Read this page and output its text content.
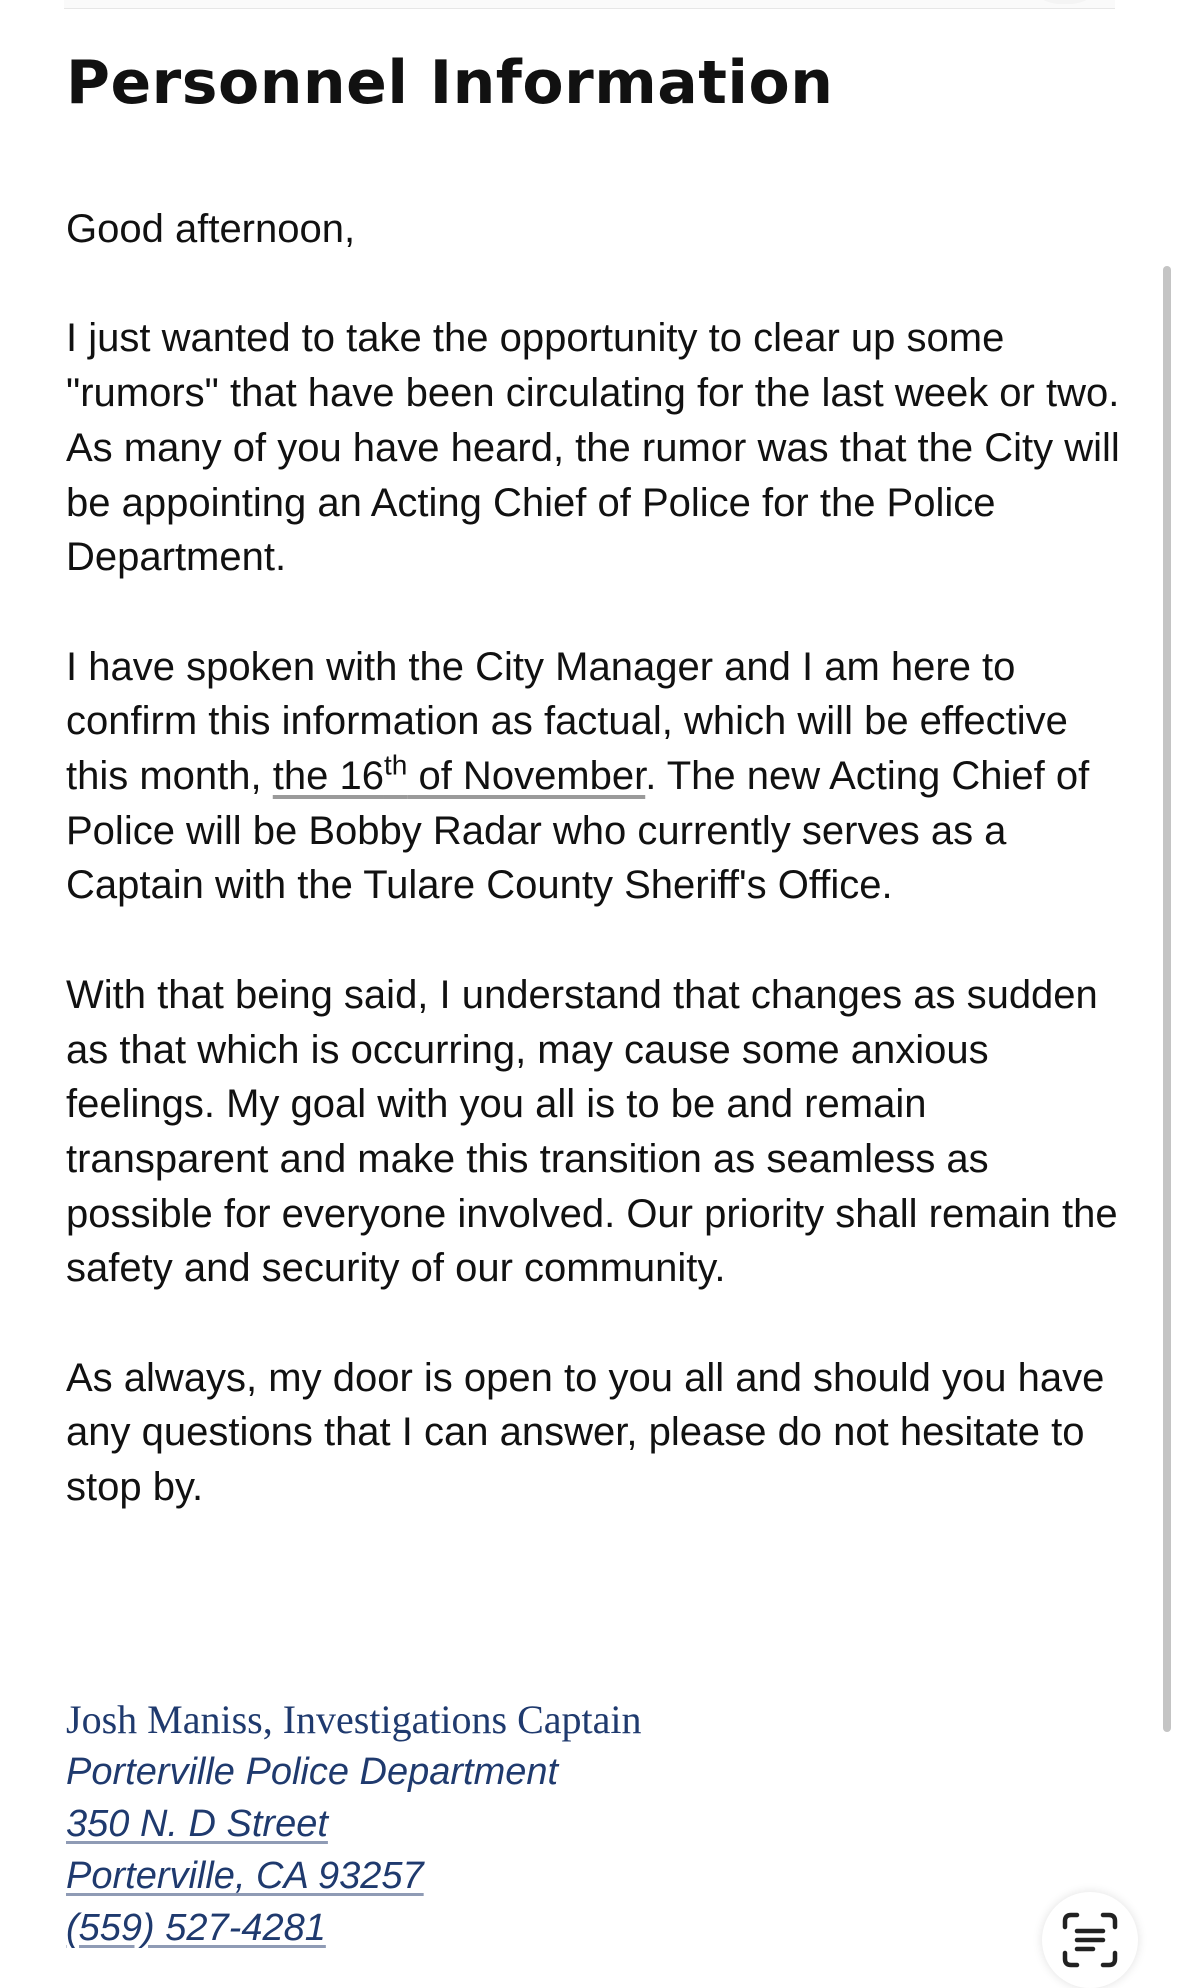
Personnel Information

Good afternoon,

I just wanted to take the opportunity to clear up some "rumors" that have been circulating for the last week or two. As many of you have heard, the rumor was that the City will be appointing an Acting Chief of Police for the Police Department.

I have spoken with the City Manager and I am here to confirm this information as factual, which will be effective this month, the 16th of November. The new Acting Chief of Police will be Bobby Radar who currently serves as a Captain with the Tulare County Sheriff's Office.

With that being said, I understand that changes as sudden as that which is occurring, may cause some anxious feelings. My goal with you all is to be and remain transparent and make this transition as seamless as possible for everyone involved. Our priority shall remain the safety and security of our community.

As always, my door is open to you all and should you have any questions that I can answer, please do not hesitate to stop by.

Josh Maniss, Investigations Captain
Porterville Police Department
350 N. D Street
Porterville, CA 93257
(559) 527-4281
